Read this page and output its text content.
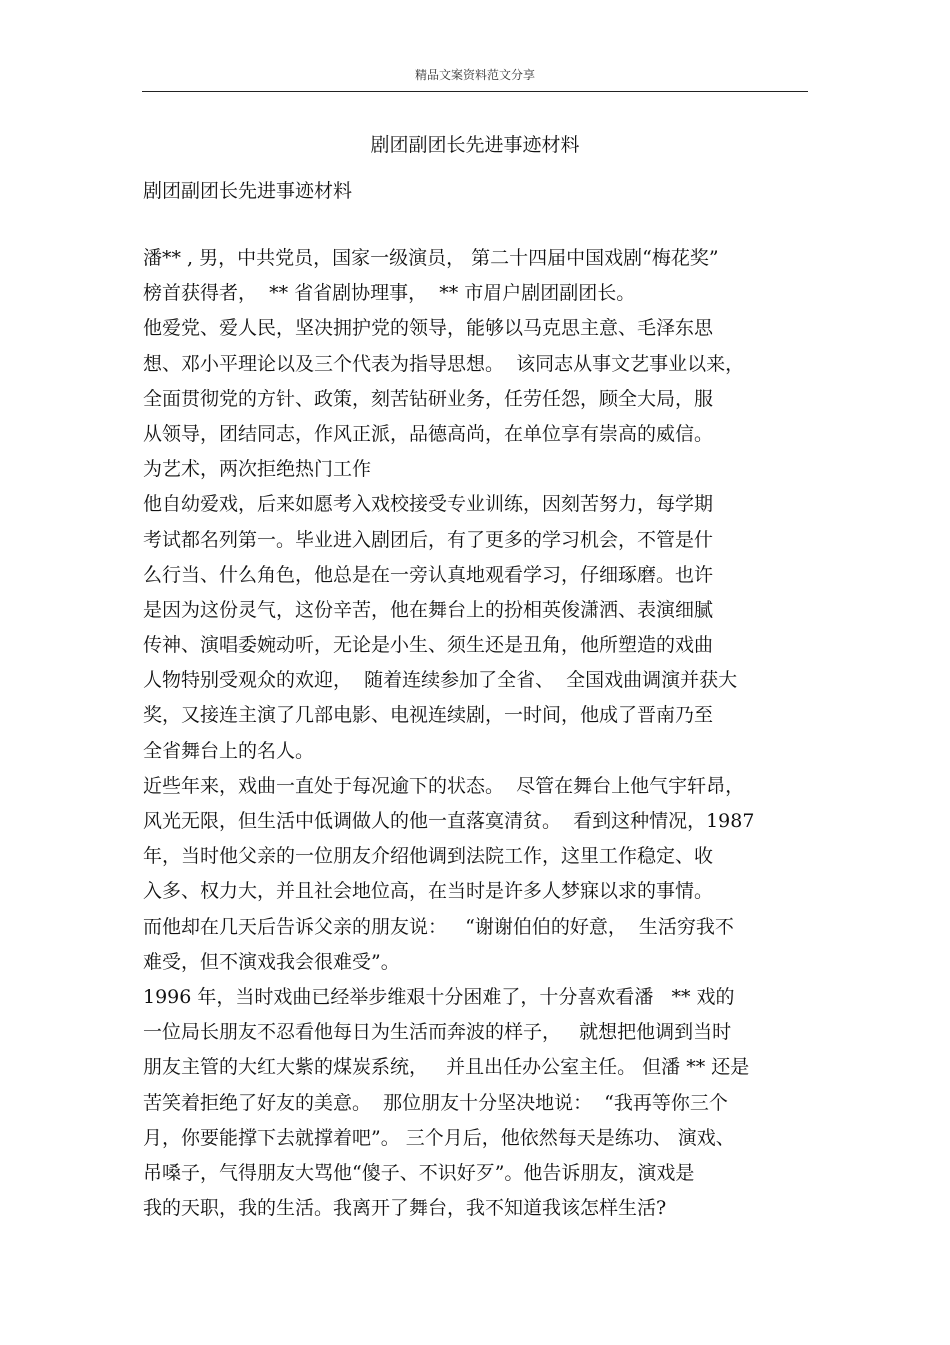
精品文案资料范文分享
剧团副团长先进事迹材料
剧团副团长先进事迹材料
潘** , 男，中共党员，国家一级演员， 第二十四届中国戏剧“梅花奖”
榜首获得者，  ** 省省剧协理事，  ** 市眉户剧团副团长。
他爱党、爱人民，坚决拥护党的领导，能够以马克思主意、毛泽东思
想、邓小平理论以及三个代表为指导思想。  该同志从事文艺事业以来，
全面贯彻党的方针、政策，刻苦钻研业务，任劳任怨，顾全大局，服
从领导，团结同志，作风正派，品德高尚，在单位享有崇高的威信。
为艺术，两次拒绝热门工作
他自幼爱戏，后来如愿考入戏校接受专业训练，因刻苦努力，每学期
考试都名列第一。毕业进入剧团后，有了更多的学习机会，不管是什
么行当、什么角色，他总是在一旁认真地观看学习，仔细琢磨。也许
是因为这份灵气，这份辛苦，他在舞台上的扮相英俊潇洒、表演细腻
传神、演唱委婉动听，无论是小生、须生还是丑角，他所塑造的戏曲
人物特别受观众的欢迎，  随着连续参加了全省、  全国戏曲调演并获大
奖，又接连主演了几部电影、电视连续剧，一时间，他成了晋南乃至
全省舞台上的名人。
近些年来，戏曲一直处于每况逾下的状态。  尽管在舞台上他气宇轩昂，
风光无限，但生活中低调做人的他一直落寞清贫。  看到这种情况，1987
年，当时他父亲的一位朋友介绍他调到法院工作，这里工作稳定、收
入多、权力大，并且社会地位高，在当时是许多人梦寐以求的事情。
而他却在几天后告诉父亲的朋友说：   “谢谢伯伯的好意，  生活穷我不
难受，但不演戏我会很难受”。
1996 年，当时戏曲已经举步维艰十分困难了，十分喜欢看潘   ** 戏的
一位局长朋友不忍看他每日为生活而奔波的样子，   就想把他调到当时
朋友主管的大红大紫的煤炭系统，   并且出任办公室主任。 但潘 ** 还是
苦笑着拒绝了好友的美意。  那位朋友十分坚决地说：  “我再等你三个
月，你要能撑下去就撑着吧”。 三个月后，他依然每天是练功、 演戏、
吊嗓子，气得朋友大骂他“傻子、不识好歹”。他告诉朋友，演戏是
我的天职，我的生活。我离开了舞台，我不知道我该怎样生活?
